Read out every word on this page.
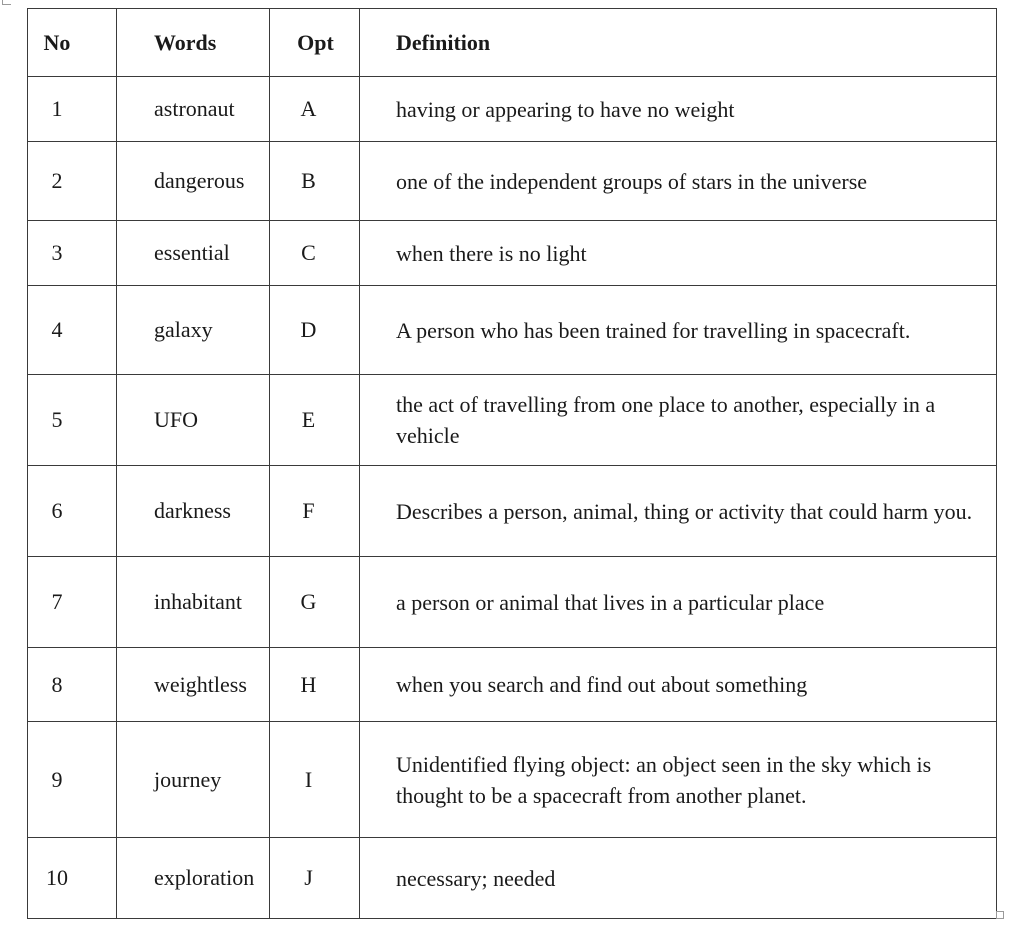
No	Words	Opt	Definition
1	astronaut	A	having or appearing to have no weight
2	dangerous	B	one of the independent groups of stars in the universe
3	essential	C	when there is no light
4	galaxy	D	A person who has been trained for travelling in spacecraft.
5	UFO	E	the act of travelling from one place to another, especially in a vehicle
6	darkness	F	Describes a person, animal, thing or activity that could harm you.
7	inhabitant	G	a person or animal that lives in a particular place
8	weightless	H	when you search and find out about something
9	journey	I	Unidentified flying object: an object seen in the sky which is thought to be a spacecraft from another planet.
10	exploration	J	necessary; needed
